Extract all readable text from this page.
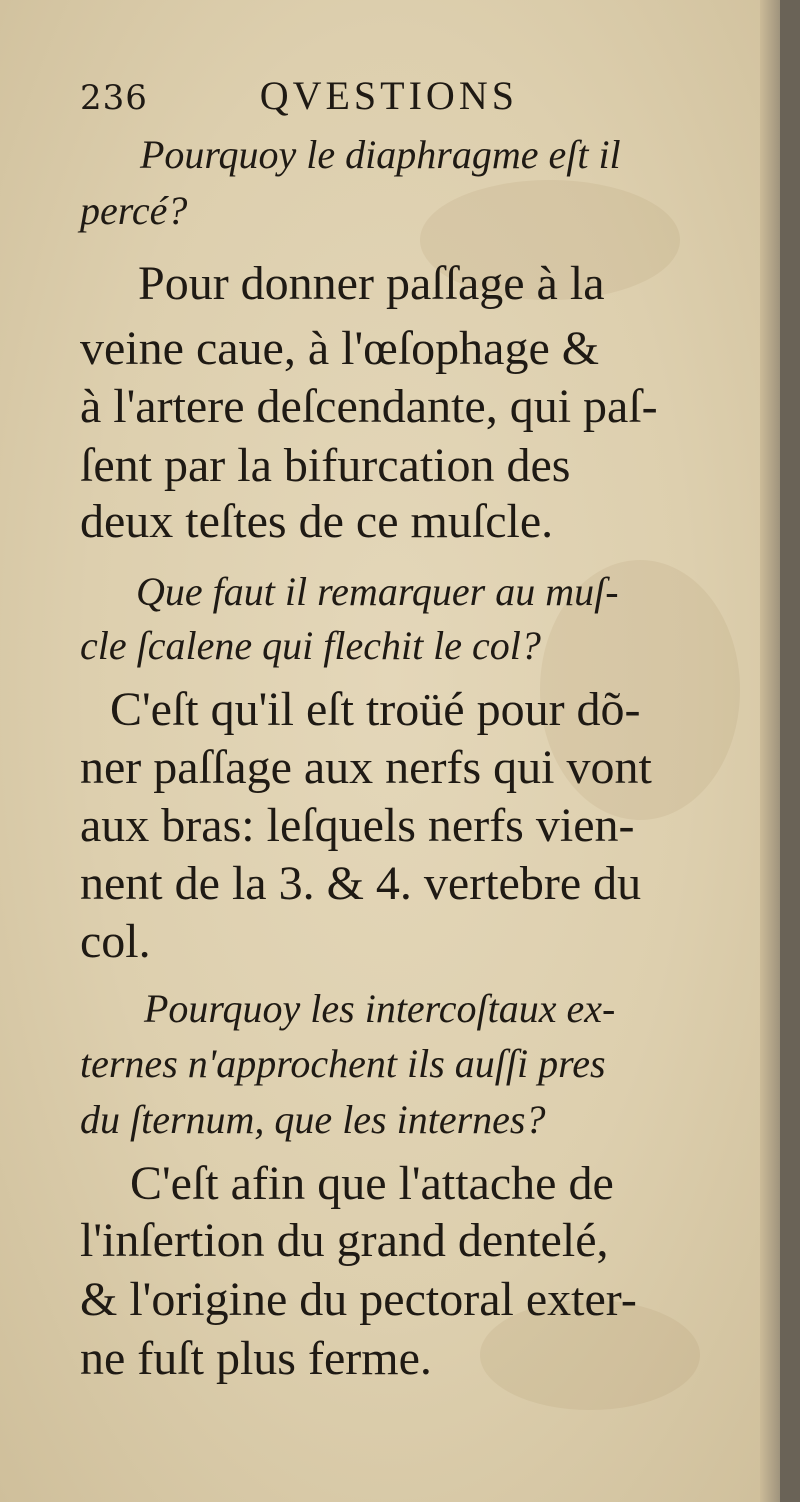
236	QVESTIONS
Pourquoy le diaphragme eſt il
percé?
Pour donner paſſage à la
veine caue, à l'œſophage &
à l'artere deſcendante, qui paſ-
ſent par la bifurcation des
deux teſtes de ce muſcle.
Que faut il remarquer au muſ-
cle ſcalene qui flechit le col?
C'eſt qu'il eſt troüé pour dõ-
ner paſſage aux nerfs qui vont
aux bras: leſquels nerfs vien-
nent de la 3. & 4. vertebre du
col.
Pourquoy les intercoſtaux ex-
ternes n'approchent ils auſſi pres
du ſternum, que les internes?
C'eſt afin que l'attache de
l'inſertion du grand dentelé,
& l'origine du pectoral exter-
ne fuſt plus ferme.
